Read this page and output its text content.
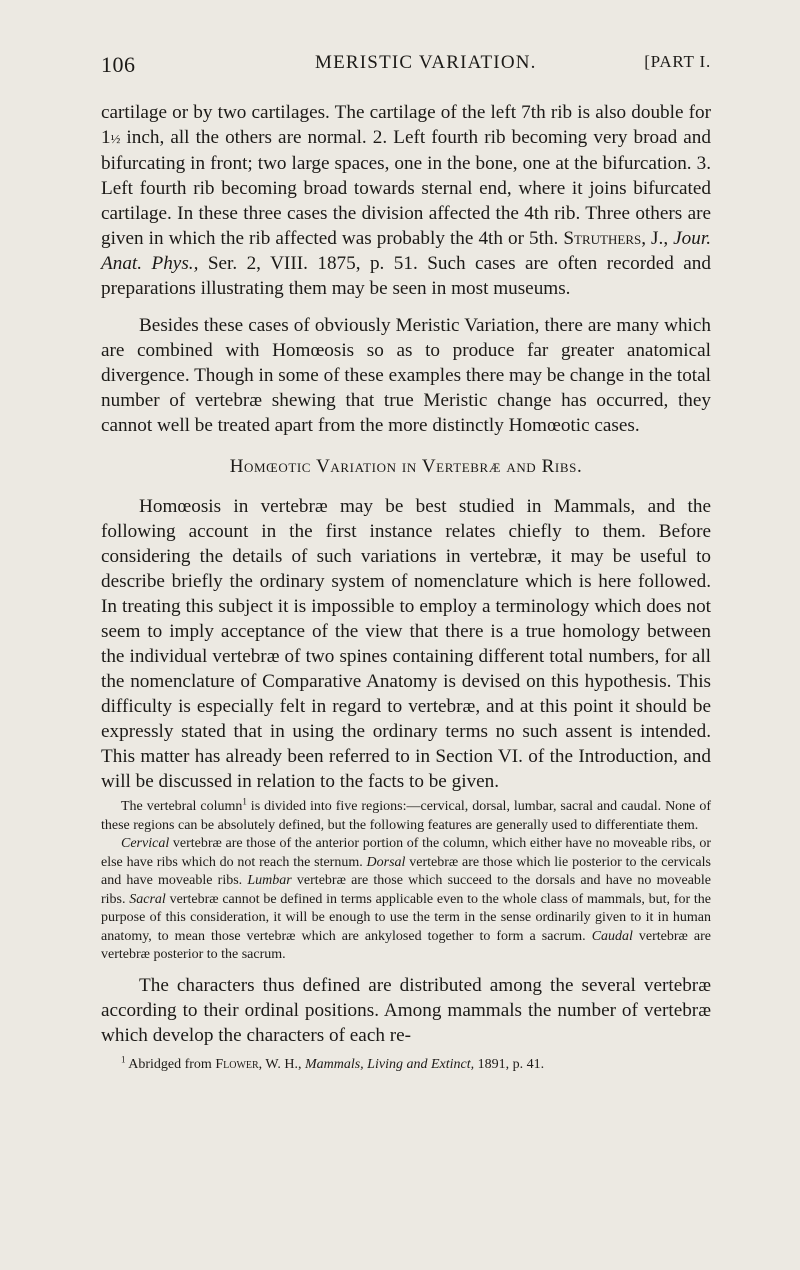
106	MERISTIC VARIATION.	[PART I.

cartilage or by two cartilages. The cartilage of the left 7th rib is also double for 1½ inch, all the others are normal. 2. Left fourth rib becoming very broad and bifurcating in front; two large spaces, one in the bone, one at the bifurcation. 3. Left fourth rib becoming broad towards sternal end, where it joins bifurcated cartilage. In these three cases the division affected the 4th rib. Three others are given in which the rib affected was probably the 4th or 5th. Struthers, J., Jour. Anat. Phys., Ser. 2, VIII. 1875, p. 51. Such cases are often recorded and preparations illustrating them may be seen in most museums.

Besides these cases of obviously Meristic Variation, there are many which are combined with Homœosis so as to produce far greater anatomical divergence. Though in some of these examples there may be change in the total number of vertebræ shewing that true Meristic change has occurred, they cannot well be treated apart from the more distinctly Homœotic cases.

Homœotic Variation in Vertebræ and Ribs.

Homœosis in vertebræ may be best studied in Mammals, and the following account in the first instance relates chiefly to them. Before considering the details of such variations in vertebræ, it may be useful to describe briefly the ordinary system of nomenclature which is here followed. In treating this subject it is impossible to employ a terminology which does not seem to imply acceptance of the view that there is a true homology between the individual vertebræ of two spines containing different total numbers, for all the nomenclature of Comparative Anatomy is devised on this hypothesis. This difficulty is especially felt in regard to vertebræ, and at this point it should be expressly stated that in using the ordinary terms no such assent is intended. This matter has already been referred to in Section VI. of the Introduction, and will be discussed in relation to the facts to be given.

The vertebral column$^1$ is divided into five regions:—cervical, dorsal, lumbar, sacral and caudal. None of these regions can be absolutely defined, but the following features are generally used to differentiate them.

Cervical vertebræ are those of the anterior portion of the column, which either have no moveable ribs, or else have ribs which do not reach the sternum. Dorsal vertebræ are those which lie posterior to the cervicals and have moveable ribs. Lumbar vertebræ are those which succeed to the dorsals and have no moveable ribs. Sacral vertebræ cannot be defined in terms applicable even to the whole class of mammals, but, for the purpose of this consideration, it will be enough to use the term in the sense ordinarily given to it in human anatomy, to mean those vertebræ which are ankylosed together to form a sacrum. Caudal vertebræ are vertebræ posterior to the sacrum.

The characters thus defined are distributed among the several vertebræ according to their ordinal positions. Among mammals the number of vertebræ which develop the characters of each re-

$^1$ Abridged from Flower, W. H., Mammals, Living and Extinct, 1891, p. 41.
